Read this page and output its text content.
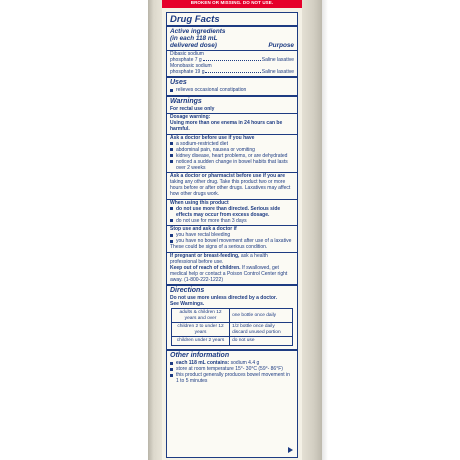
BROKEN OR MISSING. DO NOT USE.
Drug Facts
Active ingredients
(in each 118 mL
delivered dose)	Purpose
Dibasic sodium
phosphate 7 g	Saline laxative
Monobasic sodium
phosphate 19 g	Saline laxative
Uses
relieves occasional constipation
Warnings
For rectal use only
Dosage warning:
Using more than one enema in 24 hours can be
harmful.
Ask a doctor before use if you have
a sodium-restricted diet
abdominal pain, nausea or vomiting
kidney disease, heart problems, or are dehydrated
noticed a sudden change in bowel habits that lasts over 2 weeks
Ask a doctor or pharmacist before use if you are
taking any other drug. Take this product two or more hours before or after other drugs. Laxatives may affect how other drugs work.
When using this product
do not use more than directed. Serious side effects may occur from excess dosage.
do not use for more than 3 days
Stop use and ask a doctor if
you have rectal bleeding
you have no bowel movement after use of a laxative
These could be signs of a serious condition.
If pregnant or breast-feeding, ask a health professional before use.
Keep out of reach of children. If swallowed, get medical help or contact a Poison Control Center right away. (1-800-222-1222)
Directions
Do not use more unless directed by a doctor.
See Warnings.
adults & children 12 years and over	one bottle once daily
children 2 to under 12 years	1/2 bottle once daily discard unused portion
children under 2 years	do not use
Other information
each 118 mL contains: sodium 4.4 g
store at room temperature 15°- 30°C (59°- 86°F)
this product generally produces bowel movement in 1 to 5 minutes
